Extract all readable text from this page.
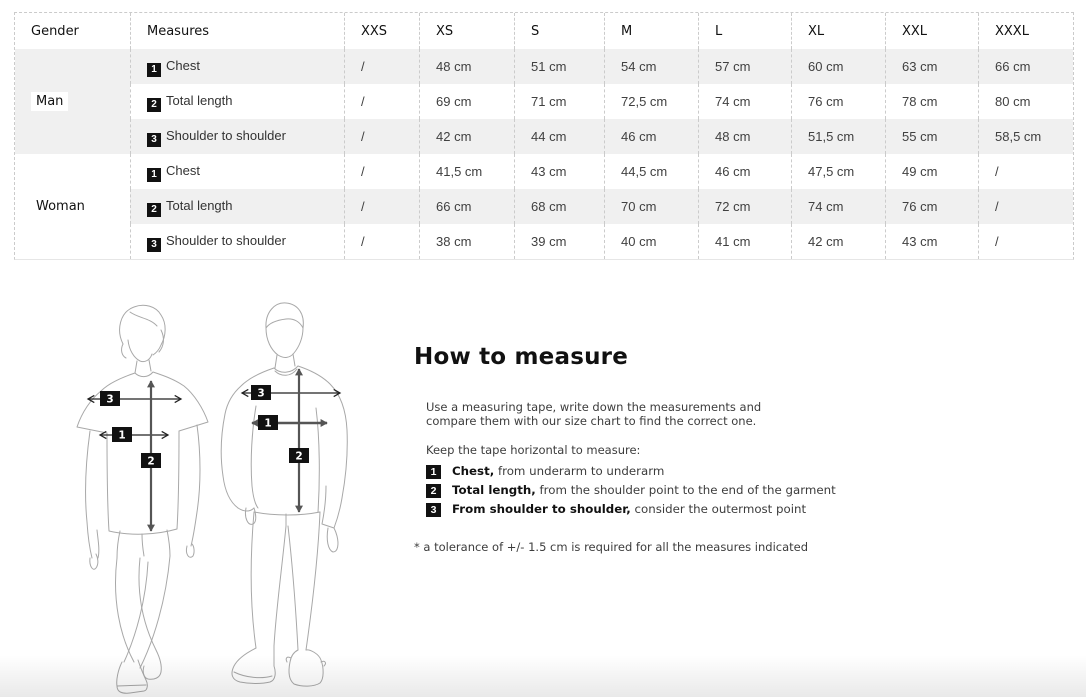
Gender	Measures	XXS	XS	S	M	L	XL	XXL	XXXL
Man	1 Chest	/	48 cm	51 cm	54 cm	57 cm	60 cm	63 cm	66 cm
	2 Total length	/	69 cm	71 cm	72,5 cm	74 cm	76 cm	78 cm	80 cm
	3 Shoulder to shoulder	/	42 cm	44 cm	46 cm	48 cm	51,5 cm	55 cm	58,5 cm
Woman	1 Chest	/	41,5 cm	43 cm	44,5 cm	46 cm	47,5 cm	49 cm	/
	2 Total length	/	66 cm	68 cm	70 cm	72 cm	74 cm	76 cm	/
	3 Shoulder to shoulder	/	38 cm	39 cm	40 cm	41 cm	42 cm	43 cm	/
3
1
2
3
1
2
How to measure

Use a measuring tape, write down the measurements and compare them with our size chart to find the correct one.

Keep the tape horizontal to measure:

1	Chest, from underarm to underarm
2	Total length, from the shoulder point to the end of the garment
3	From shoulder to shoulder, consider the outermost point

* a tolerance of +/- 1.5 cm is required for all the measures indicated
